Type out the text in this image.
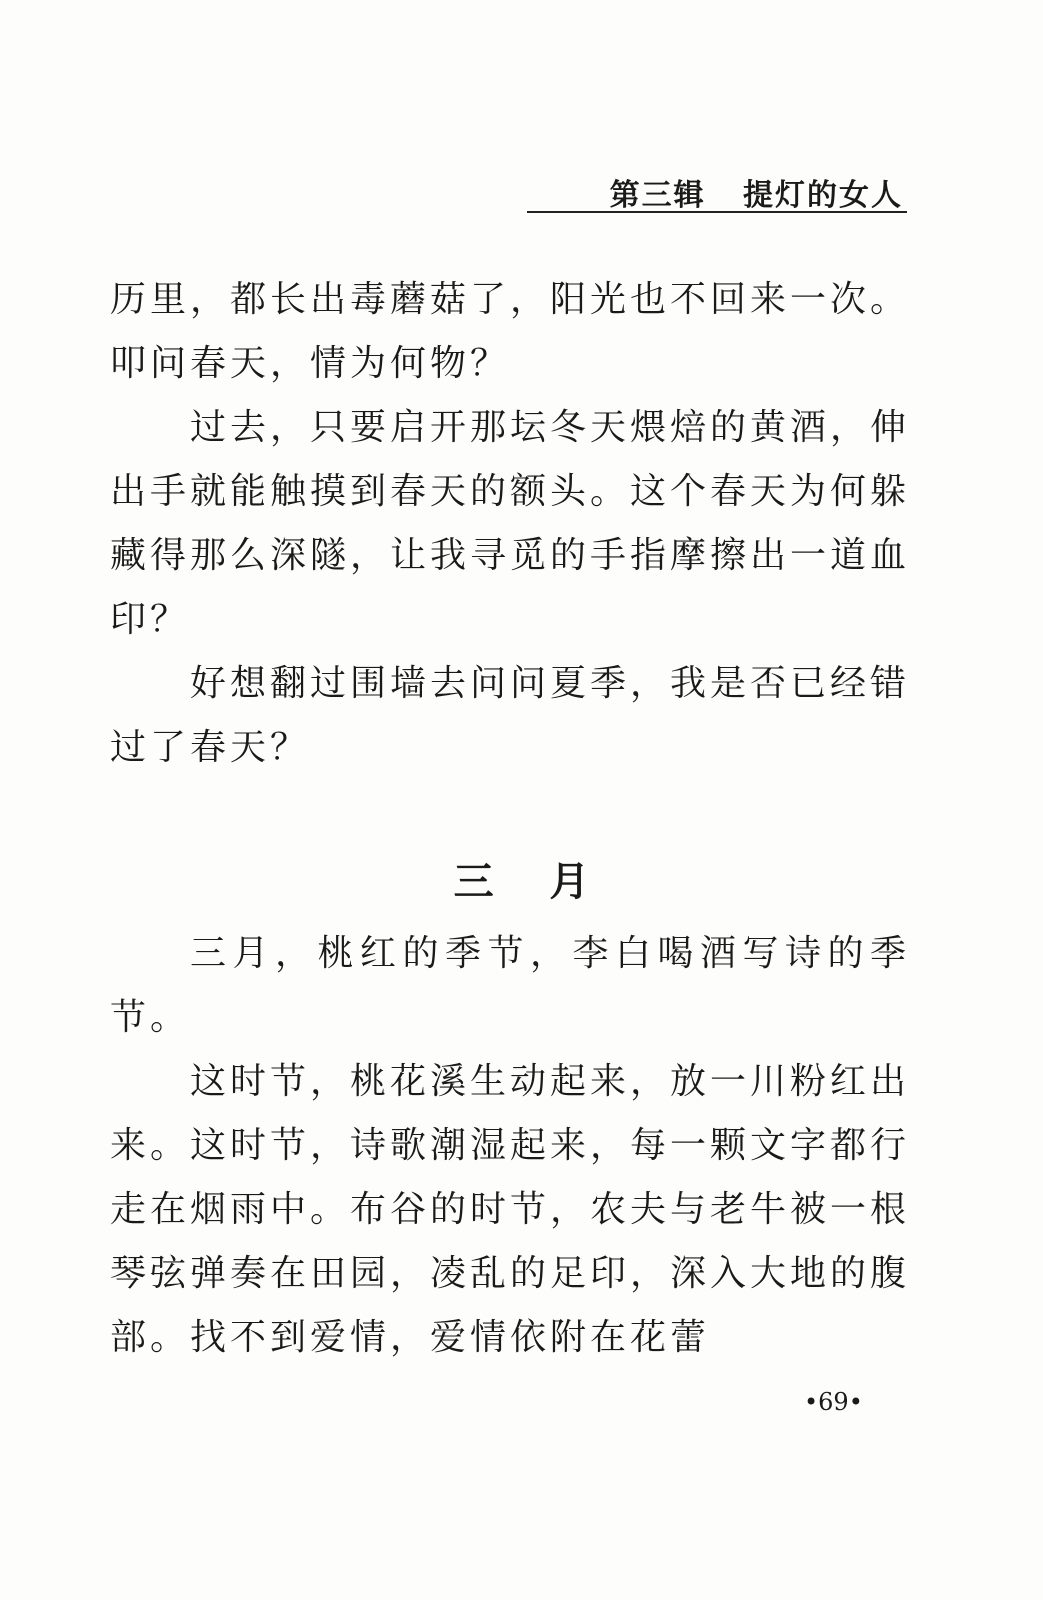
第三辑   提灯的女人

历里，都长出毒蘑菇了，阳光也不回来一次。叩问春天，情为何物？

过去，只要启开那坛冬天煨焙的黄酒，伸出手就能触摸到春天的额头。这个春天为何躲藏得那么深隧，让我寻觅的手指摩擦出一道血印？

好想翻过围墙去问问夏季，我是否已经错过了春天？

三    月

三月，桃红的季节，李白喝酒写诗的季节。

这时节，桃花溪生动起来，放一川粉红出来。这时节，诗歌潮湿起来，每一颗文字都行走在烟雨中。布谷的时节，农夫与老牛被一根琴弦弹奏在田园，凌乱的足印，深入大地的腹部。找不到爱情，爱情依附在花蕾

•69•
